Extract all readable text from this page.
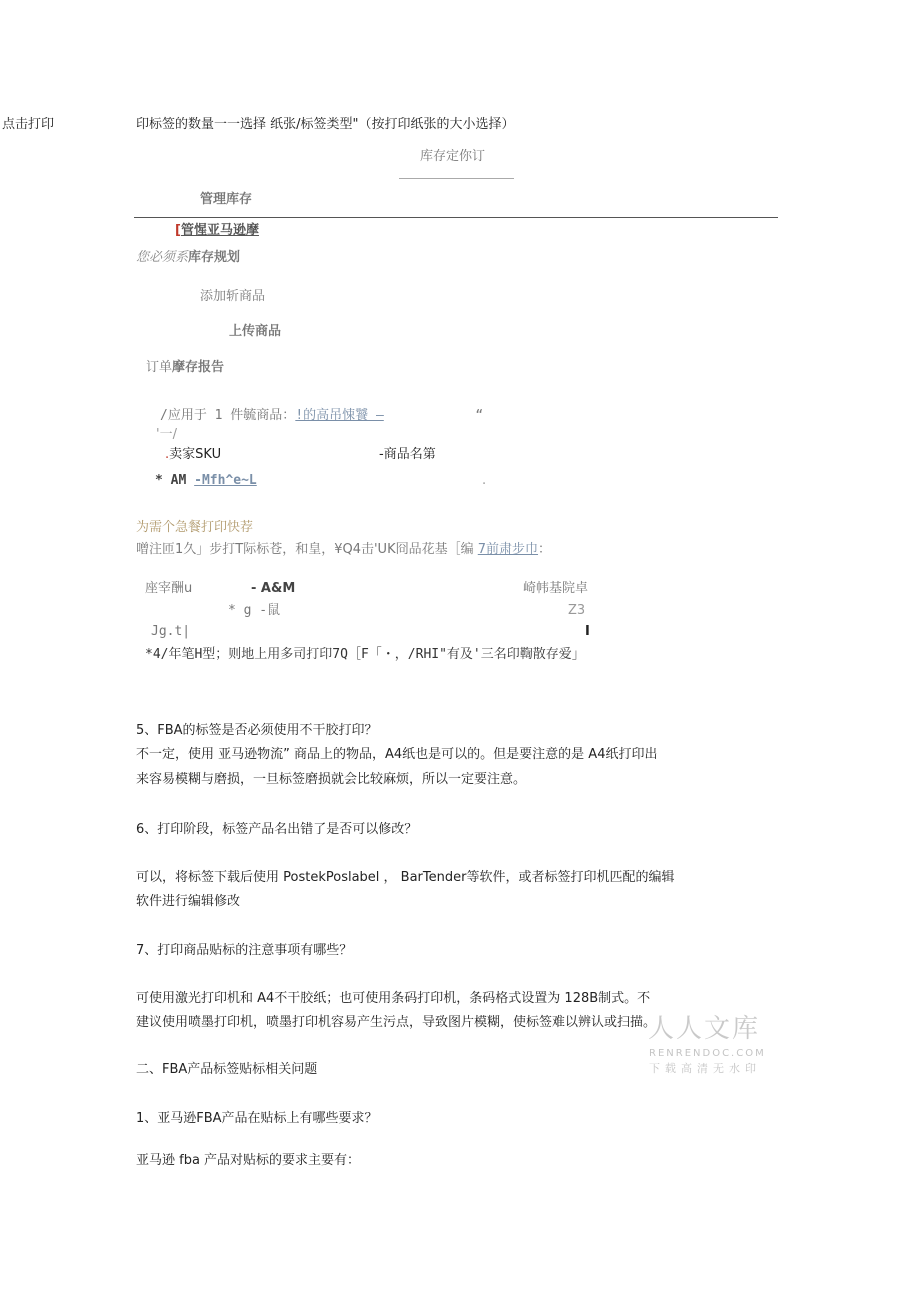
点击打印	印标签的数量一一选择 纸张/标签类型"（按打印纸张的大小选择）
库存定你订
管理库存
[管惺亚马逊摩
您必须系库存规划
添加斩商品
上传商品
订单摩存报告
/应用于 1 件毓商品：!的高吊悚饕 —	“
'一/
.卖家SKU	-商品名第
* AM -Mfh^e~L	.
为需个急餐打印快荐
噌注匝1久」步打T际标苍，和皇，¥Q4击'UK冏品花基［编 7前肃步巾：
座宰酬u	- A&M	崎帏基院卓
* g -鼠	Z3
Jg.t|	I
*4/年笔H型；则地上用多司打印7Q［F「・，/RHI"有及'三名印鞫散存爱」
5、FBA的标签是否必须使用不干胶打印？
不一定，使用 亚马逊物流” 商品上的物品，A4纸也是可以的。但是要注意的是 A4纸打印出
来容易模糊与磨损，一旦标签磨损就会比较麻烦，所以一定要注意。
6、打印阶段，标签产品名出错了是否可以修改？
可以，将标签下载后使用 PostekPoslabel ， BarTender等软件，或者标签打印机匹配的编辑
软件进行编辑修改
7、打印商品贴标的注意事项有哪些？
可使用激光打印机和 A4不干胶纸；也可使用条码打印机，条码格式设置为 128B制式。不
建议使用喷墨打印机，喷墨打印机容易产生污点，导致图片模糊，使标签难以辨认或扫描。
二、FBA产品标签贴标相关问题
1、亚马逊FBA产品在贴标上有哪些要求？
亚马逊 fba 产品对贴标的要求主要有：
人人文库
RENRENDOC.COM
下载高清无水印
